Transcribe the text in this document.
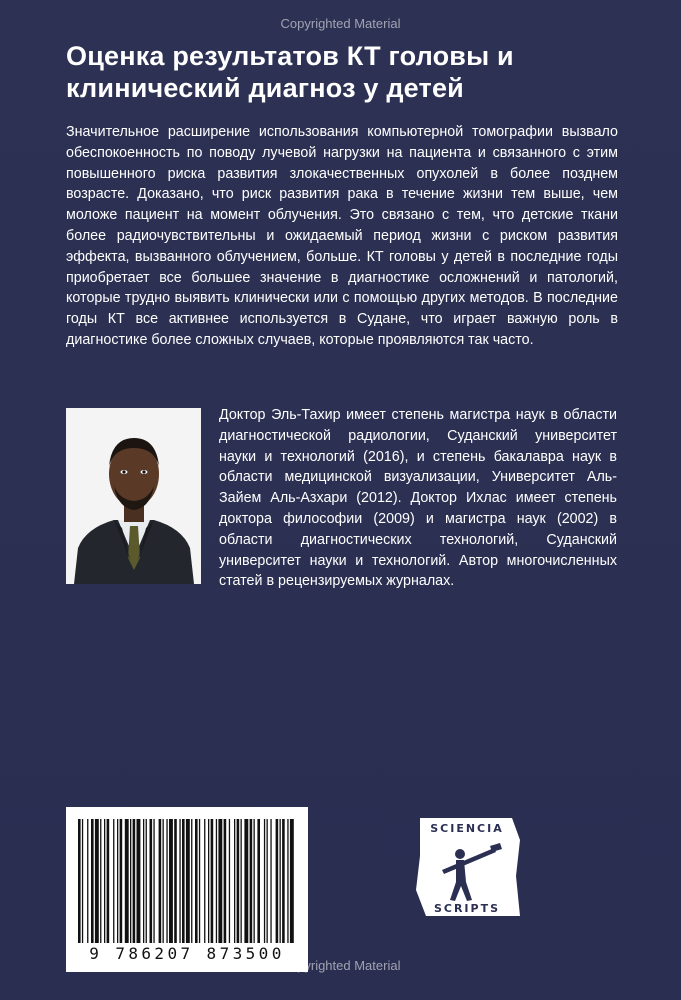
Copyrighted Material
Оценка результатов КТ головы и клинический диагноз у детей

Значительное расширение использования компьютерной томографии вызвало обеспокоенность по поводу лучевой нагрузки на пациента и связанного с этим повышенного риска развития злокачественных опухолей в более позднем возрасте. Доказано, что риск развития рака в течение жизни тем выше, чем моложе пациент на момент облучения. Это связано с тем, что детские ткани более радиочувствительны и ожидаемый период жизни с риском развития эффекта, вызванного облучением, больше. КТ головы у детей в последние годы приобретает все большее значение в диагностике осложнений и патологий, которые трудно выявить клинически или с помощью других методов. В последние годы КТ все активнее используется в Судане, что играет важную роль в диагностике более сложных случаев, которые проявляются так часто.

Доктор Эль-Тахир имеет степень магистра наук в области диагностической радиологии, Суданский университет науки и технологий (2016), и степень бакалавра наук в области медицинской визуализации, Университет Аль-Зайем Аль-Азхари (2012). Доктор Ихлас имеет степень доктора философии (2009) и магистра наук (2002) в области диагностических технологий, Суданский университет науки и технологий. Автор многочисленных статей в рецензируемых журналах.

9 786207 873500
SCIENCIA
SCRIPTS
Copyrighted Material
